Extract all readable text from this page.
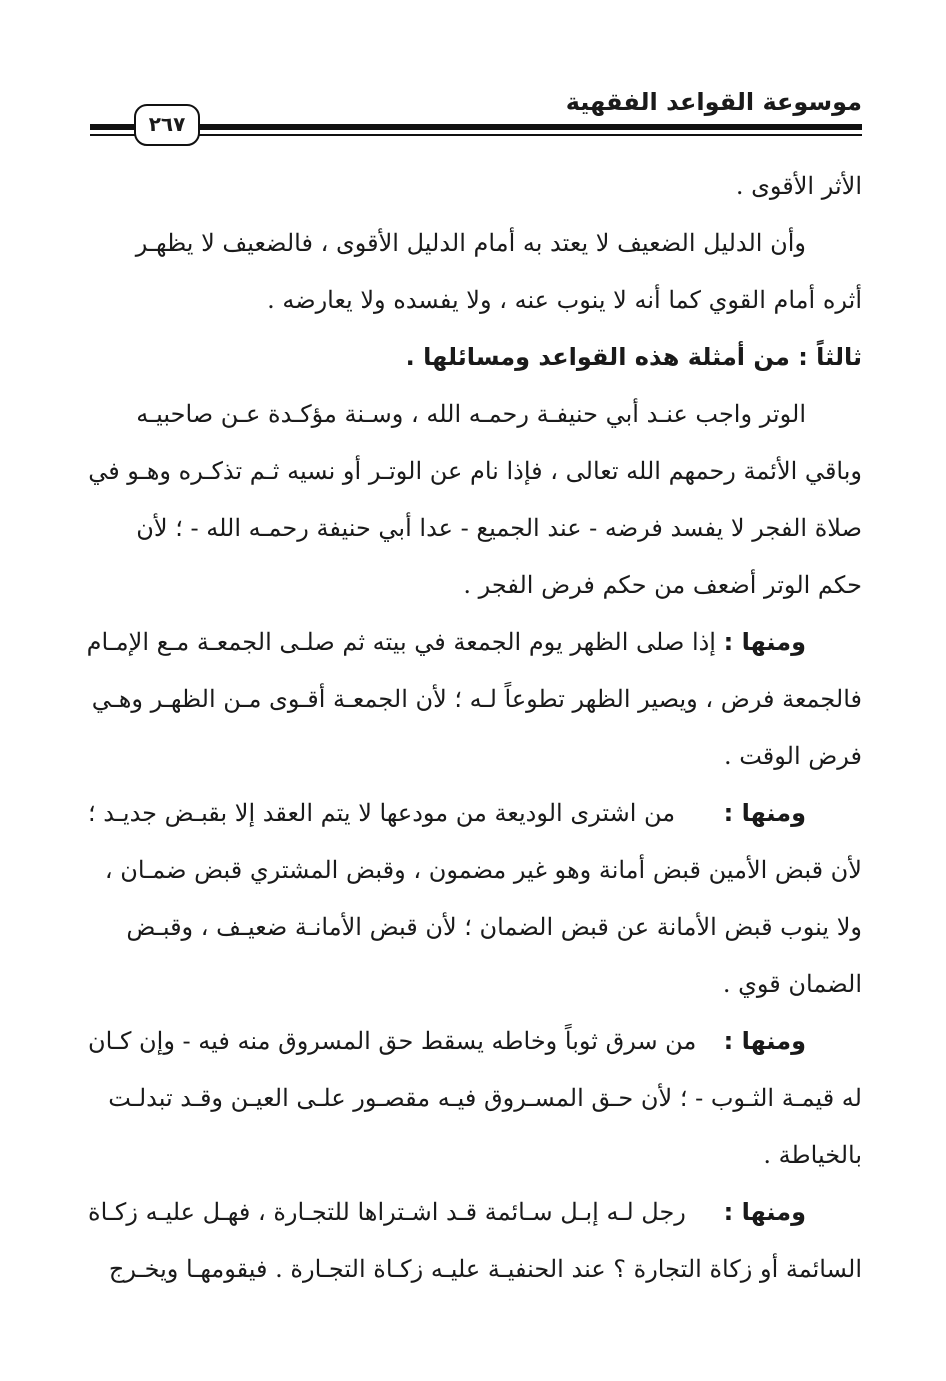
موسوعة القواعد الفقهية
٢٦٧
الأثر الأقوى .
وأن الدليل الضعيف لا يعتد به أمام الدليل الأقوى ، فالضعيف لا يظهـر
أثره أمام القوي كما أنه لا ينوب عنه ، ولا يفسده ولا يعارضه .
ثالثاً : من أمثلة هذه القواعد ومسائلها .
الوتر واجب عنـد أبي حنيفـة رحمـه الله ، وسـنة مؤكـدة عـن صاحبيـه
وباقي الأئمة رحمهم الله تعالى ، فإذا نام عن الوتـر أو نسيه ثـم تذكـره وهـو في
صلاة الفجر لا يفسد فرضه - عند الجميع - عدا أبي حنيفة رحمـه الله - ؛ لأن
حكم الوتر أضعف من حكم فرض الفجر .
ومنها : إذا صلى الظهر يوم الجمعة في بيته ثم صلـى الجمعـة مـع الإمـام
فالجمعة فرض ، ويصير الظهر تطوعاً لـه ؛ لأن الجمعـة أقـوى مـن الظهـر وهـي
فرض الوقت .
ومنها : من اشترى الوديعة من مودعها لا يتم العقد إلا بقبـض جديـد ؛
لأن قبض الأمين قبض أمانة وهو غير مضمون ، وقبض المشتري قبض ضمـان ،
ولا ينوب قبض الأمانة عن قبض الضمان ؛ لأن قبض الأمانـة ضعيـف ، وقبـض
الضمان قوي .
ومنها : من سرق ثوباً وخاطه يسقط حق المسروق منه فيه - وإن كـان
له قيمـة الثـوب - ؛ لأن حـق المسـروق فيـه مقصـور علـى العيـن وقـد تبدلـت
بالخياطة .
ومنها : رجل لـه إبـل سـائمة قـد اشـتراها للتجـارة ، فهـل عليـه زكـاة
السائمة أو زكاة التجارة ؟ عند الحنفيـة عليـه زكـاة التجـارة . فيقومهـا ويخـرج
